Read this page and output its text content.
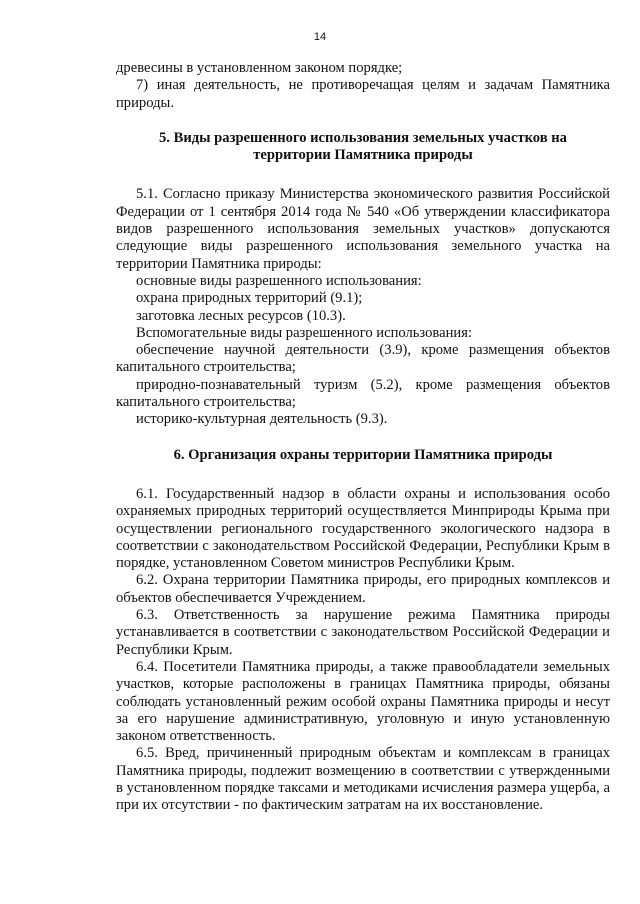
14

древесины в установленном законом порядке;

7) иная деятельность, не противоречащая целям и задачам Памятника природы.

5. Виды разрешенного использования земельных участков на

территории Памятника природы

5.1. Согласно приказу Министерства экономического развития Российской Федерации от 1 сентября 2014 года № 540 «Об утверждении классификатора видов разрешенного использования земельных участков» допускаются следующие виды разрешенного использования земельного участка на территории Памятника природы:

основные виды разрешенного использования:

охрана природных территорий (9.1);

заготовка лесных ресурсов (10.3).

Вспомогательные виды разрешенного использования:

обеспечение научной деятельности (3.9), кроме размещения объектов капитального строительства;

природно-познавательный туризм (5.2), кроме размещения объектов капитального строительства;

историко-культурная деятельность (9.3).

6. Организация охраны территории Памятника природы

6.1. Государственный надзор в области охраны и использования особо охраняемых природных территорий осуществляется Минприроды Крыма при осуществлении регионального государственного экологического надзора в соответствии с законодательством Российской Федерации, Республики Крым в порядке, установленном Советом министров Республики Крым.

6.2. Охрана территории Памятника природы, его природных комплексов и объектов обеспечивается Учреждением.

6.3. Ответственность за нарушение режима Памятника природы устанавливается в соответствии с законодательством Российской Федерации и Республики Крым.

6.4. Посетители Памятника природы, а также правообладатели земельных участков, которые расположены в границах Памятника природы, обязаны соблюдать установленный режим особой охраны Памятника природы и несут за его нарушение административную, уголовную и иную установленную законом ответственность.

6.5. Вред, причиненный природным объектам и комплексам в границах Памятника природы, подлежит возмещению в соответствии с утвержденными в установленном порядке таксами и методиками исчисления размера ущерба, а при их отсутствии - по фактическим затратам на их восстановление.
